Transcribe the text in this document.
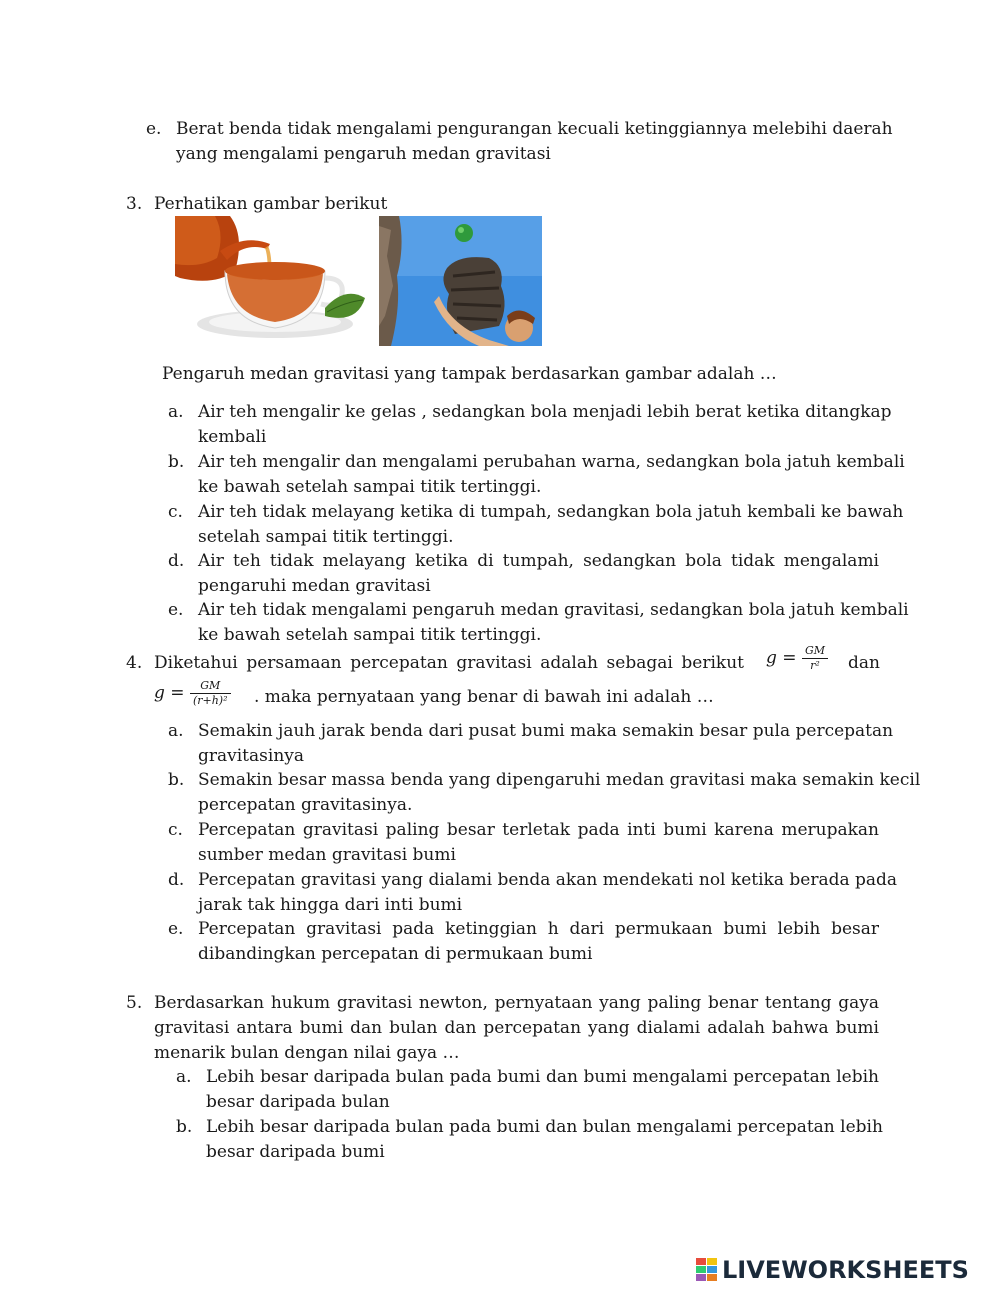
e. Berat benda tidak mengalami pengurangan kecuali ketinggiannya melebihi daerah
yang mengalami pengaruh medan gravitasi
3. Perhatikan gambar berikut
Pengaruh medan gravitasi yang tampak berdasarkan gambar adalah …
a. Air teh mengalir ke gelas , sedangkan bola menjadi lebih berat ketika ditangkap
kembali
b. Air teh mengalir dan mengalami perubahan warna, sedangkan bola jatuh kembali
ke bawah setelah sampai titik tertinggi.
c. Air teh tidak melayang ketika di tumpah, sedangkan bola jatuh kembali ke bawah
setelah sampai titik tertinggi.
d. Air teh tidak melayang ketika di tumpah, sedangkan bola tidak mengalami
pengaruhi medan gravitasi
e. Air teh tidak mengalami pengaruh medan gravitasi, sedangkan bola jatuh kembali
ke bawah setelah sampai titik tertinggi.
4. Diketahui persamaan percepatan gravitasi adalah sebagai berikut $g = \frac{GM}{\text{r²}}$ dan
$g = \frac{GM}{\text{(r+h)²}}$ . maka pernyataan yang benar di bawah ini adalah …
a. Semakin jauh jarak benda dari pusat bumi maka semakin besar pula percepatan
gravitasinya
b. Semakin besar massa benda yang dipengaruhi medan gravitasi maka semakin kecil
percepatan gravitasinya.
c. Percepatan gravitasi paling besar terletak pada inti bumi karena merupakan
sumber medan gravitasi bumi
d. Percepatan gravitasi yang dialami benda akan mendekati nol ketika berada pada
jarak tak hingga dari inti bumi
e. Percepatan gravitasi pada ketinggian h dari permukaan bumi lebih besar
dibandingkan percepatan di permukaan bumi
5. Berdasarkan hukum gravitasi newton, pernyataan yang paling benar tentang gaya
gravitasi antara bumi dan bulan dan percepatan yang dialami adalah bahwa bumi
menarik bulan dengan nilai gaya …
a. Lebih besar daripada bulan pada bumi dan bumi mengalami percepatan lebih
besar daripada bulan
b. Lebih besar daripada bulan pada bumi dan bulan mengalami percepatan lebih
besar daripada bumi
LIVEWORKSHEETS
